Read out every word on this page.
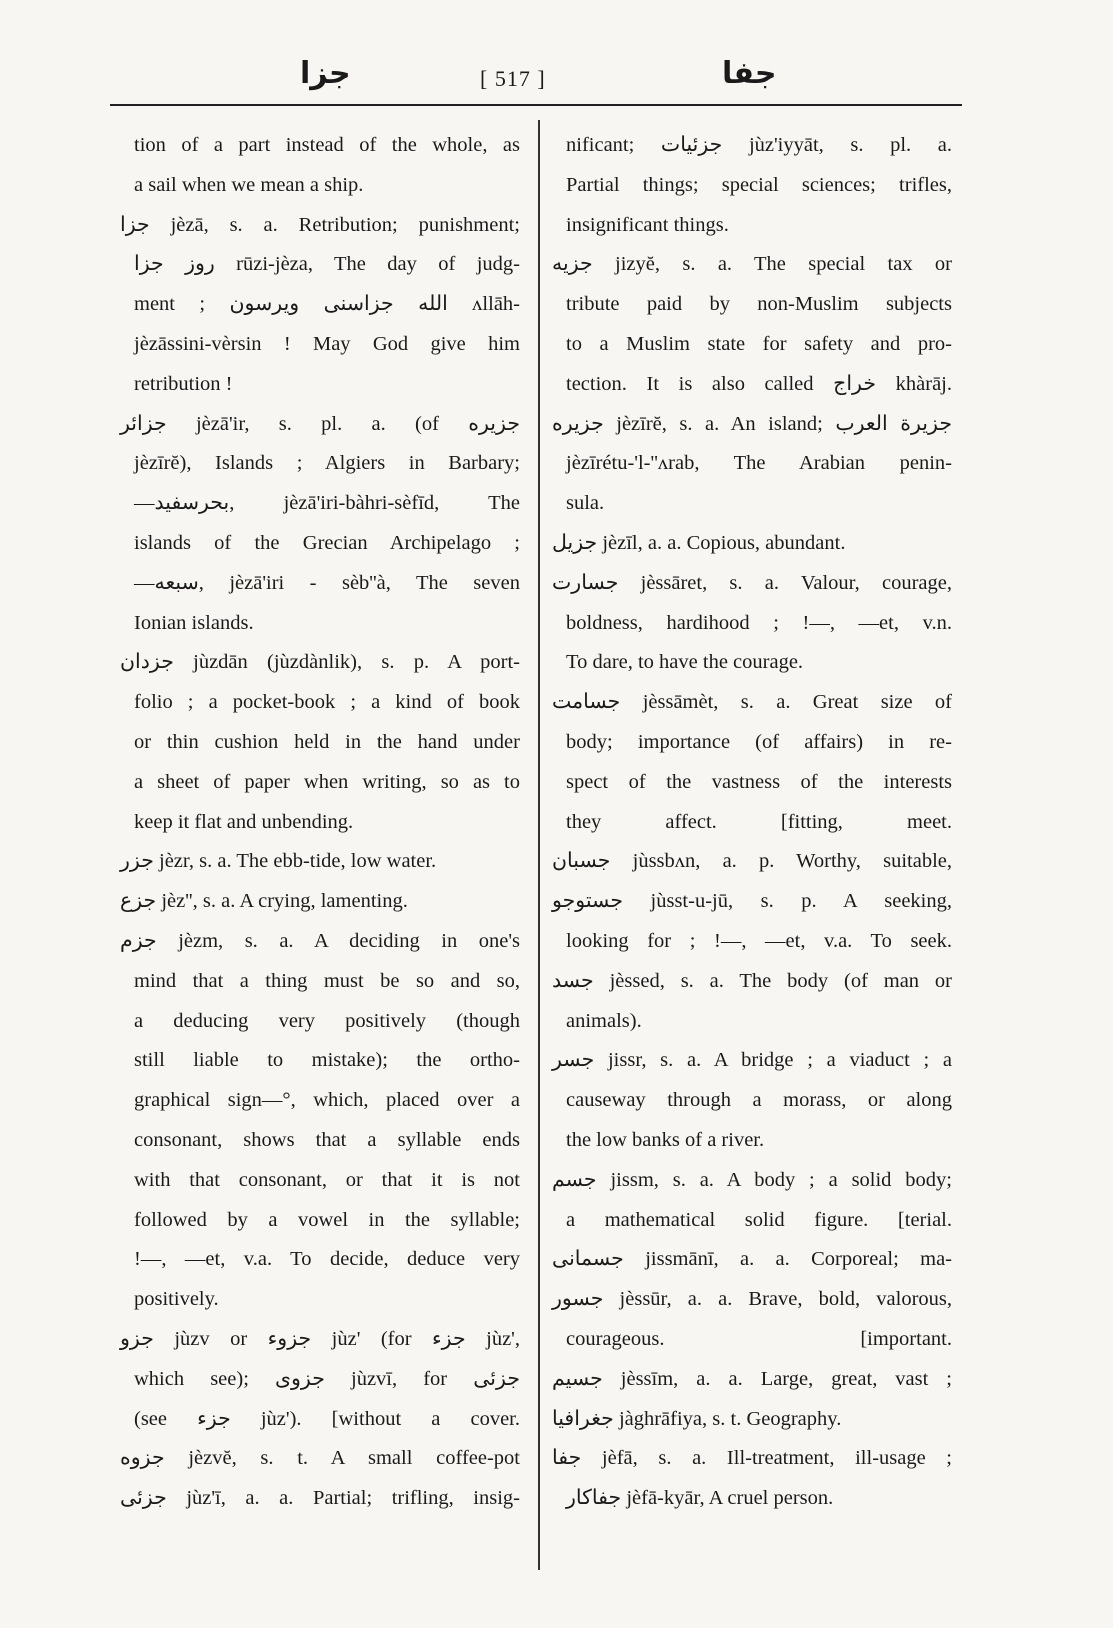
جزا	[ 517 ]	جفا
tion of a part instead of the whole, as
a sail when we mean a ship.
جزا jèzā, s. a. Retribution; punishment;
روز جزا rūzi-jèza, The day of judg-
ment ; الله جزاسنی ویرسون ʌllāh-
jèzāssini-vèrsin ! May God give him
retribution !
جزائر jèzā'ir, s. pl. a. (of جزیره
jèzīrĕ), Islands ; Algiers in Barbary;
—بحرسفید, jèzā'iri-bàhri-sèfīd, The
islands of the Grecian Archipelago ;
—سبعه, jèzā'iri - sèb''à, The seven
Ionian islands.
جزدان jùzdān (jùzdànlik), s. p. A port-
folio ; a pocket-book ; a kind of book
or thin cushion held in the hand under
a sheet of paper when writing, so as to
keep it flat and unbending.
جزر jèzr, s. a. The ebb-tide, low water.
جزع jèz'', s. a. A crying, lamenting.
جزم jèzm, s. a. A deciding in one's
mind that a thing must be so and so,
a deducing very positively (though
still liable to mistake); the ortho-
graphical sign—°, which, placed over a
consonant, shows that a syllable ends
with that consonant, or that it is not
followed by a vowel in the syllable;
!—, —et, v.a. To decide, deduce very
positively.
جزو jùzv or جزوء jùz' (for جزء jùz',
which see); جزوی jùzvī, for جزئی
(see جزء jùz'). [without a cover.
جزوه jèzvĕ, s. t. A small coffee-pot
جزئی jùz'ī, a. a. Partial; trifling, insig-
nificant; جزئیات jùz'iyyāt, s. pl. a.
Partial things; special sciences; trifles,
insignificant things.
جزیه jizyĕ, s. a. The special tax or
tribute paid by non-Muslim subjects
to a Muslim state for safety and pro-
tection. It is also called خراج khàrāj.
جزیره jèzīrĕ, s. a. An island; جزیرة العرب
jèzīrétu-'l-''ʌrab, The Arabian penin-
sula.
جزیل jèzīl, a. a. Copious, abundant.
جسارت jèssāret, s. a. Valour, courage,
boldness, hardihood ; !—, —et, v.n.
To dare, to have the courage.
جسامت jèssāmèt, s. a. Great size of
body; importance (of affairs) in re-
spect of the vastness of the interests
they affect. [fitting, meet.
جسبان jùssbʌn, a. p. Worthy, suitable,
جستوجو jùsst-u-jū, s. p. A seeking,
looking for ; !—, —et, v.a. To seek.
جسد jèssed, s. a. The body (of man or
animals).
جسر jissr, s. a. A bridge ; a viaduct ; a
causeway through a morass, or along
the low banks of a river.
جسم jissm, s. a. A body ; a solid body;
a mathematical solid figure. [terial.
جسمانی jissmānī, a. a. Corporeal; ma-
جسور jèssūr, a. a. Brave, bold, valorous,
courageous. [important.
جسیم jèssīm, a. a. Large, great, vast ;
جغرافیا jàghrāfiya, s. t. Geography.
جفا jèfā, s. a. Ill-treatment, ill-usage ;
جفاکار jèfā-kyār, A cruel person.
